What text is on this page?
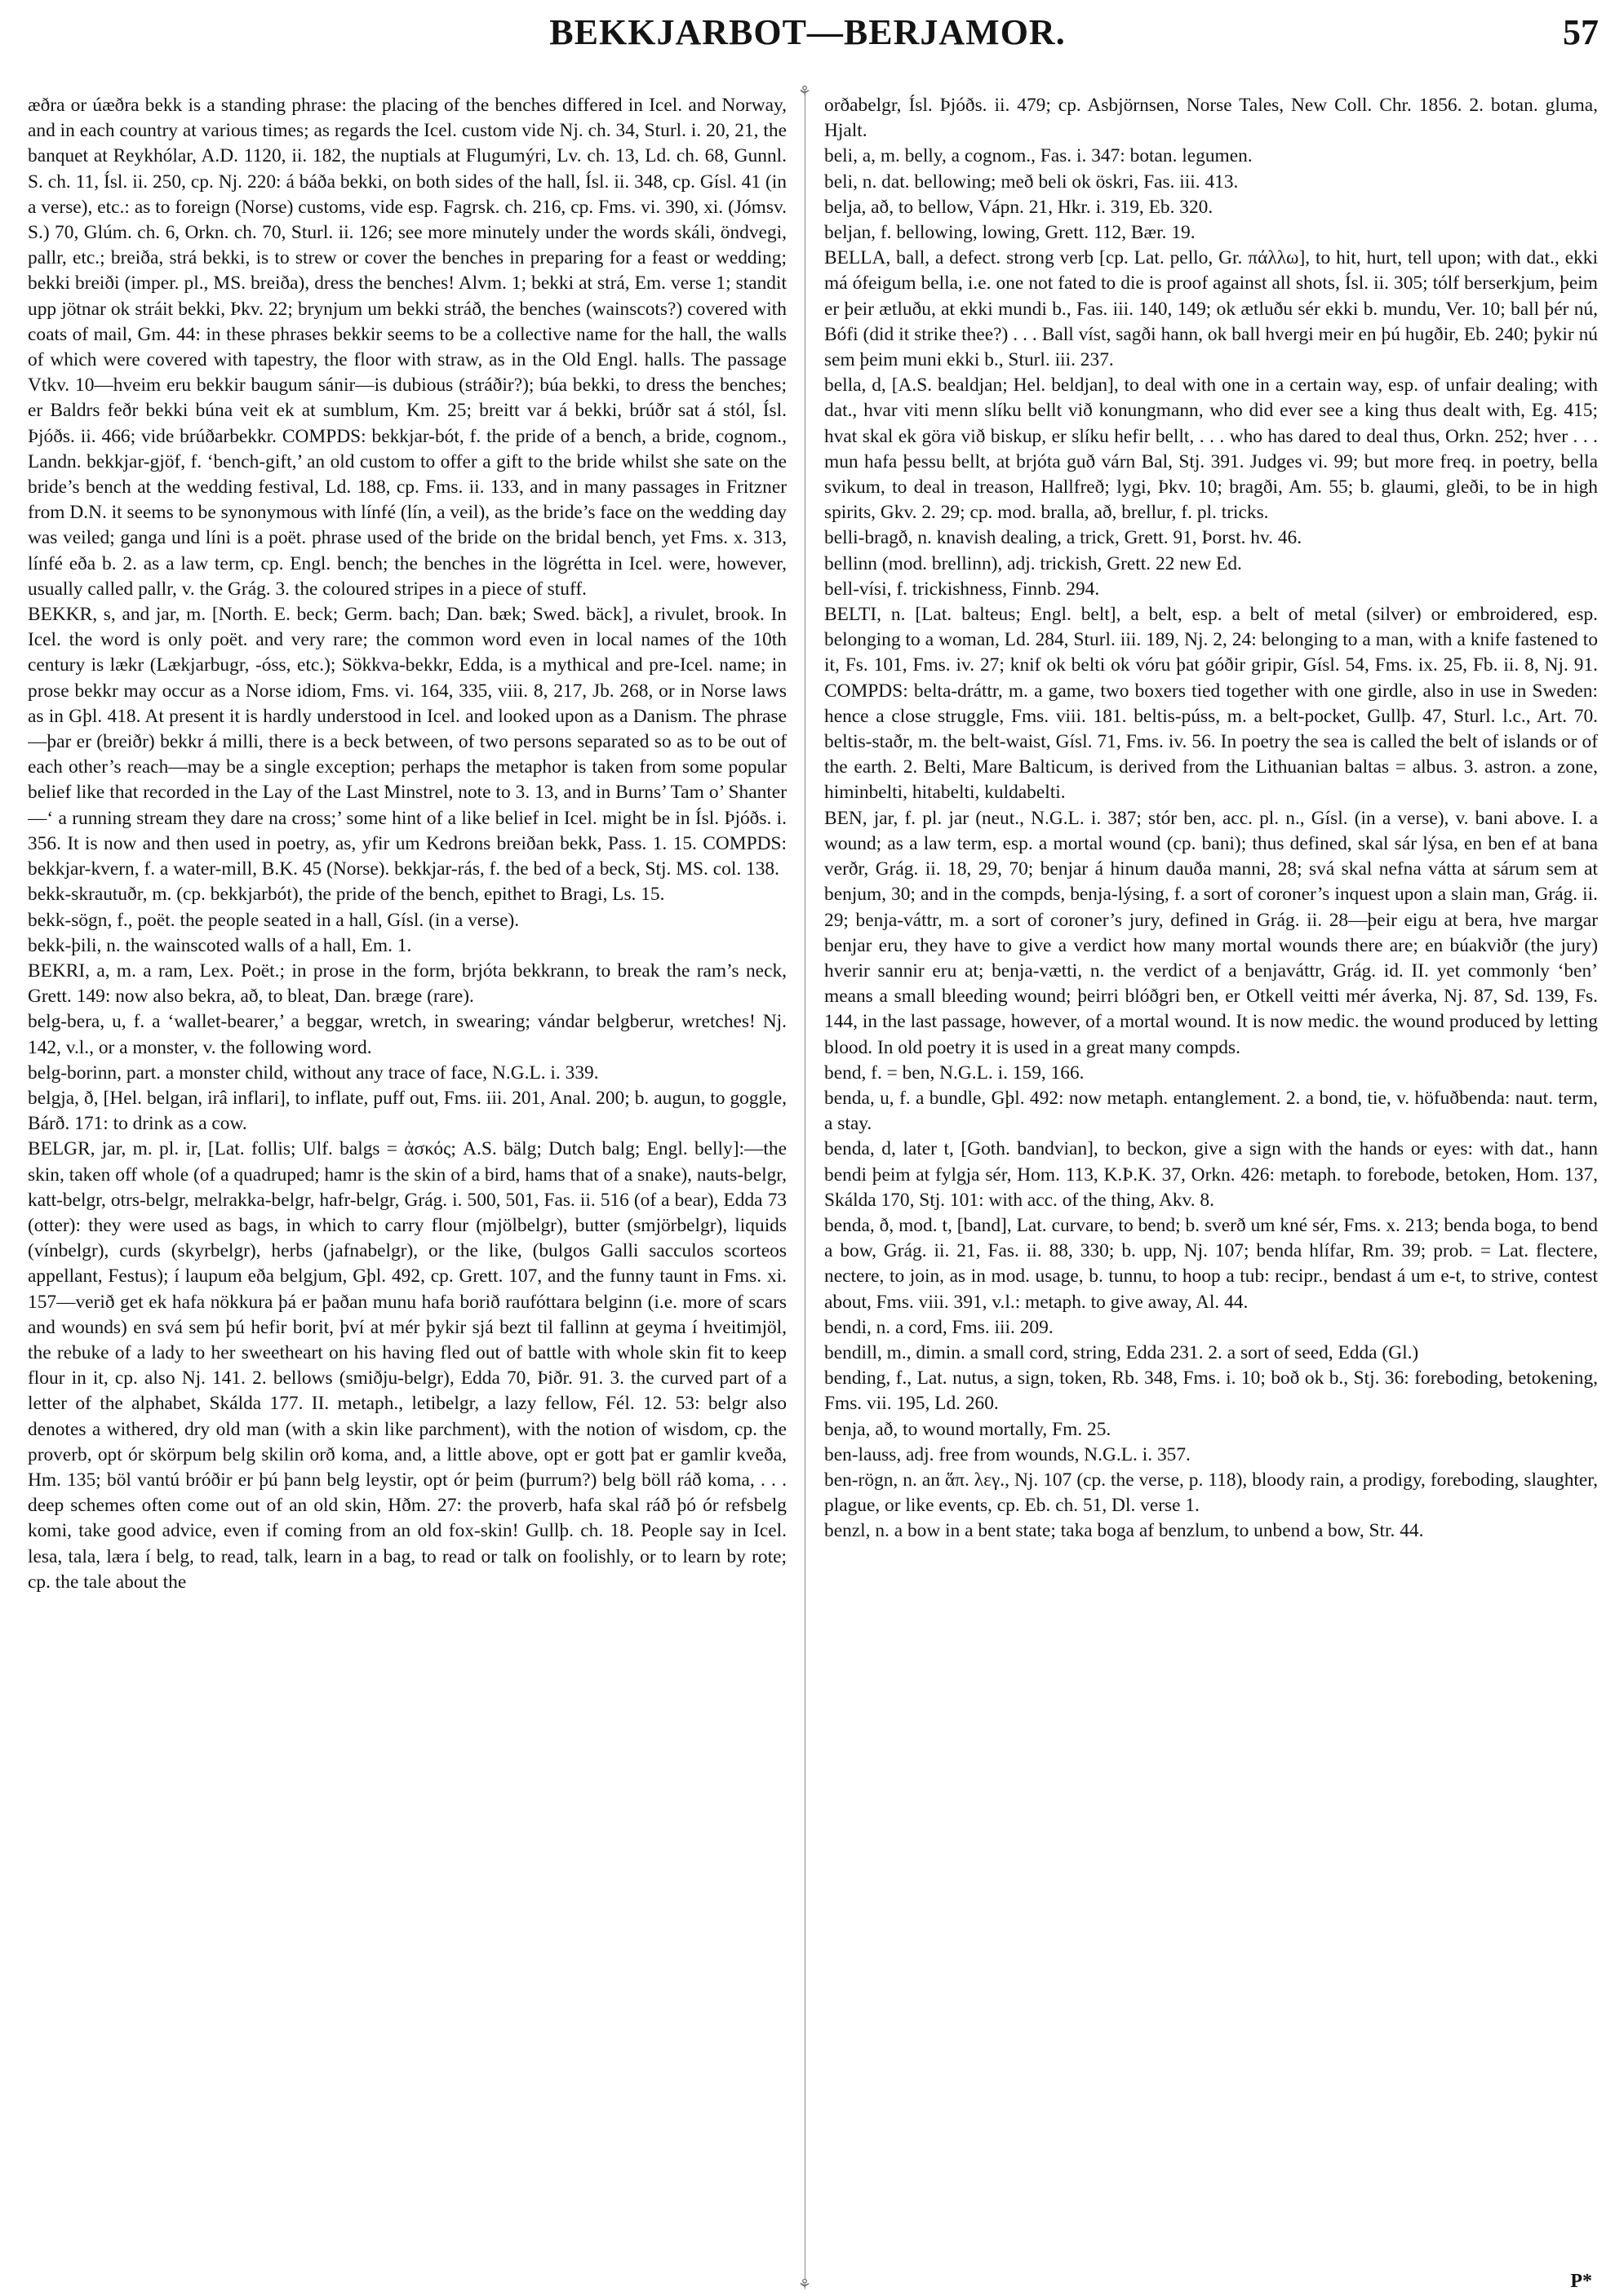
BEKKJARBOT—BERJAMOR.	57
⚘
⚘

æðra or úæðra bekk is a standing phrase: the placing of the benches differed in Icel. and Norway, and in each country at various times; as regards the Icel. custom vide Nj. ch. 34, Sturl. i. 20, 21, the banquet at Reykhólar, A.D. 1120, ii. 182, the nuptials at Flugumýri, Lv. ch. 13, Ld. ch. 68, Gunnl. S. ch. 11, Ísl. ii. 250, cp. Nj. 220: á báða bekki, on both sides of the hall, Ísl. ii. 348, cp. Gísl. 41 (in a verse), etc.: as to foreign (Norse) customs, vide esp. Fagrsk. ch. 216, cp. Fms. vi. 390, xi. (Jómsv. S.) 70, Glúm. ch. 6, Orkn. ch. 70, Sturl. ii. 126; see more minutely under the words skáli, öndvegi, pallr, etc.; breiða, strá bekki, is to strew or cover the benches in preparing for a feast or wedding; bekki breiði (imper. pl., MS. breiða), dress the benches! Alvm. 1; bekki at strá, Em. verse 1; standit upp jötnar ok stráit bekki, Þkv. 22; brynjum um bekki stráð, the benches (wainscots?) covered with coats of mail, Gm. 44: in these phrases bekkir seems to be a collective name for the hall, the walls of which were covered with tapestry, the floor with straw, as in the Old Engl. halls. The passage Vtkv. 10—hveim eru bekkir baugum sánir—is dubious (stráðir?); búa bekki, to dress the benches; er Baldrs feðr bekki búna veit ek at sumblum, Km. 25; breitt var á bekki, brúðr sat á stól, Ísl. Þjóðs. ii. 466; vide brúðarbekkr. COMPDS: bekkjar-bót, f. the pride of a bench, a bride, cognom., Landn. bekkjar-gjöf, f. ‘bench-gift,’ an old custom to offer a gift to the bride whilst she sate on the bride’s bench at the wedding festival, Ld. 188, cp. Fms. ii. 133, and in many passages in Fritzner from D.N. it seems to be synonymous with línfé (lín, a veil), as the bride’s face on the wedding day was veiled; ganga und líni is a poët. phrase used of the bride on the bridal bench, yet Fms. x. 313, línfé eða b. 2. as a law term, cp. Engl. bench; the benches in the lögrétta in Icel. were, however, usually called pallr, v. the Grág. 3. the coloured stripes in a piece of stuff.

BEKKR, s, and jar, m. [North. E. beck; Germ. bach; Dan. bæk; Swed. bäck], a rivulet, brook. In Icel. the word is only poët. and very rare; the common word even in local names of the 10th century is lækr (Lækjarbugr, -óss, etc.); Sökkva-bekkr, Edda, is a mythical and pre-Icel. name; in prose bekkr may occur as a Norse idiom, Fms. vi. 164, 335, viii. 8, 217, Jb. 268, or in Norse laws as in Gþl. 418. At present it is hardly understood in Icel. and looked upon as a Danism. The phrase—þar er (breiðr) bekkr á milli, there is a beck between, of two persons separated so as to be out of each other’s reach—may be a single exception; perhaps the metaphor is taken from some popular belief like that recorded in the Lay of the Last Minstrel, note to 3. 13, and in Burns’ Tam o’ Shanter—‘ a running stream they dare na cross;’ some hint of a like belief in Icel. might be in Ísl. Þjóðs. i. 356. It is now and then used in poetry, as, yfir um Kedrons breiðan bekk, Pass. 1. 15. COMPDS: bekkjar-kvern, f. a water-mill, B.K. 45 (Norse). bekkjar-rás, f. the bed of a beck, Stj. MS. col. 138.

bekk-skrautuðr, m. (cp. bekkjarbót), the pride of the bench, epithet to Bragi, Ls. 15.

bekk-sögn, f., poët. the people seated in a hall, Gísl. (in a verse).

bekk-þili, n. the wainscoted walls of a hall, Em. 1.

BEKRI, a, m. a ram, Lex. Poët.; in prose in the form, brjóta bekkrann, to break the ram’s neck, Grett. 149: now also bekra, að, to bleat, Dan. bræge (rare).

belg-bera, u, f. a ‘wallet-bearer,’ a beggar, wretch, in swearing; vándar belgberur, wretches! Nj. 142, v.l., or a monster, v. the following word.

belg-borinn, part. a monster child, without any trace of face, N.G.L. i. 339.

belgja, ð, [Hel. belgan, irâ inflari], to inflate, puff out, Fms. iii. 201, Anal. 200; b. augun, to goggle, Bárð. 171: to drink as a cow.

BELGR, jar, m. pl. ir, [Lat. follis; Ulf. balgs = ἀσκός; A.S. bälg; Dutch balg; Engl. belly]:—the skin, taken off whole (of a quadruped; hamr is the skin of a bird, hams that of a snake), nauts-belgr, katt-belgr, otrs-belgr, melrakka-belgr, hafr-belgr, Grág. i. 500, 501, Fas. ii. 516 (of a bear), Edda 73 (otter): they were used as bags, in which to carry flour (mjölbelgr), butter (smjörbelgr), liquids (vínbelgr), curds (skyrbelgr), herbs (jafnabelgr), or the like, (bulgos Galli sacculos scorteos appellant, Festus); í laupum eða belgjum, Gþl. 492, cp. Grett. 107, and the funny taunt in Fms. xi. 157—verið get ek hafa nökkura þá er þaðan munu hafa borið raufóttara belginn (i.e. more of scars and wounds) en svá sem þú hefir borit, því at mér þykir sjá bezt til fallinn at geyma í hveitimjöl, the rebuke of a lady to her sweetheart on his having fled out of battle with whole skin fit to keep flour in it, cp. also Nj. 141. 2. bellows (smiðju-belgr), Edda 70, Þiðr. 91. 3. the curved part of a letter of the alphabet, Skálda 177. II. metaph., letibelgr, a lazy fellow, Fél. 12. 53: belgr also denotes a withered, dry old man (with a skin like parchment), with the notion of wisdom, cp. the proverb, opt ór skörpum belg skilin orð koma, and, a little above, opt er gott þat er gamlir kveða, Hm. 135; böl vantú bróðir er þú þann belg leystir, opt ór þeim (þurrum?) belg böll ráð koma, . . . deep schemes often come out of an old skin, Hðm. 27: the proverb, hafa skal ráð þó ór refsbelg komi, take good advice, even if coming from an old fox-skin! Gullþ. ch. 18. People say in Icel. lesa, tala, læra í belg, to read, talk, learn in a bag, to read or talk on foolishly, or to learn by rote; cp. the tale about the

orðabelgr, Ísl. Þjóðs. ii. 479; cp. Asbjörnsen, Norse Tales, New Coll. Chr. 1856. 2. botan. gluma, Hjalt.

beli, a, m. belly, a cognom., Fas. i. 347: botan. legumen.

beli, n. dat. bellowing; með beli ok öskri, Fas. iii. 413.

belja, að, to bellow, Vápn. 21, Hkr. i. 319, Eb. 320.

beljan, f. bellowing, lowing, Grett. 112, Bær. 19.

BELLA, ball, a defect. strong verb [cp. Lat. pello, Gr. πάλλω], to hit, hurt, tell upon; with dat., ekki má ófeigum bella, i.e. one not fated to die is proof against all shots, Ísl. ii. 305; tólf berserkjum, þeim er þeir ætluðu, at ekki mundi b., Fas. iii. 140, 149; ok ætluðu sér ekki b. mundu, Ver. 10; ball þér nú, Bófi (did it strike thee?) . . . Ball víst, sagði hann, ok ball hvergi meir en þú hugðir, Eb. 240; þykir nú sem þeim muni ekki b., Sturl. iii. 237.

bella, d, [A.S. bealdjan; Hel. beldjan], to deal with one in a certain way, esp. of unfair dealing; with dat., hvar viti menn slíku bellt við konungmann, who did ever see a king thus dealt with, Eg. 415; hvat skal ek göra við biskup, er slíku hefir bellt, . . . who has dared to deal thus, Orkn. 252; hver . . . mun hafa þessu bellt, at brjóta guð várn Bal, Stj. 391. Judges vi. 99; but more freq. in poetry, bella svikum, to deal in treason, Hallfreð; lygi, Þkv. 10; bragði, Am. 55; b. glaumi, gleði, to be in high spirits, Gkv. 2. 29; cp. mod. bralla, að, brellur, f. pl. tricks.

belli-bragð, n. knavish dealing, a trick, Grett. 91, Þorst. hv. 46.

bellinn (mod. brellinn), adj. trickish, Grett. 22 new Ed.

bell-vísi, f. trickishness, Finnb. 294.

BELTI, n. [Lat. balteus; Engl. belt], a belt, esp. a belt of metal (silver) or embroidered, esp. belonging to a woman, Ld. 284, Sturl. iii. 189, Nj. 2, 24: belonging to a man, with a knife fastened to it, Fs. 101, Fms. iv. 27; knif ok belti ok vóru þat góðir gripir, Gísl. 54, Fms. ix. 25, Fb. ii. 8, Nj. 91. COMPDS: belta-dráttr, m. a game, two boxers tied together with one girdle, also in use in Sweden: hence a close struggle, Fms. viii. 181. beltis-púss, m. a belt-pocket, Gullþ. 47, Sturl. l.c., Art. 70. beltis-staðr, m. the belt-waist, Gísl. 71, Fms. iv. 56. In poetry the sea is called the belt of islands or of the earth. 2. Belti, Mare Balticum, is derived from the Lithuanian baltas = albus. 3. astron. a zone, himinbelti, hitabelti, kuldabelti.

BEN, jar, f. pl. jar (neut., N.G.L. i. 387; stór ben, acc. pl. n., Gísl. (in a verse), v. bani above. I. a wound; as a law term, esp. a mortal wound (cp. bani); thus defined, skal sár lýsa, en ben ef at bana verðr, Grág. ii. 18, 29, 70; benjar á hinum dauða manni, 28; svá skal nefna vátta at sárum sem at benjum, 30; and in the compds, benja-lýsing, f. a sort of coroner’s inquest upon a slain man, Grág. ii. 29; benja-váttr, m. a sort of coroner’s jury, defined in Grág. ii. 28—þeir eigu at bera, hve margar benjar eru, they have to give a verdict how many mortal wounds there are; en búakviðr (the jury) hverir sannir eru at; benja-vætti, n. the verdict of a benjaváttr, Grág. id. II. yet commonly ‘ben’ means a small bleeding wound; þeirri blóðgri ben, er Otkell veitti mér áverka, Nj. 87, Sd. 139, Fs. 144, in the last passage, however, of a mortal wound. It is now medic. the wound produced by letting blood. In old poetry it is used in a great many compds.

bend, f. = ben, N.G.L. i. 159, 166.

benda, u, f. a bundle, Gþl. 492: now metaph. entanglement. 2. a bond, tie, v. höfuðbenda: naut. term, a stay.

benda, d, later t, [Goth. bandvian], to beckon, give a sign with the hands or eyes: with dat., hann bendi þeim at fylgja sér, Hom. 113, K.Þ.K. 37, Orkn. 426: metaph. to forebode, betoken, Hom. 137, Skálda 170, Stj. 101: with acc. of the thing, Akv. 8.

benda, ð, mod. t, [band], Lat. curvare, to bend; b. sverð um kné sér, Fms. x. 213; benda boga, to bend a bow, Grág. ii. 21, Fas. ii. 88, 330; b. upp, Nj. 107; benda hlífar, Rm. 39; prob. = Lat. flectere, nectere, to join, as in mod. usage, b. tunnu, to hoop a tub: recipr., bendast á um e-t, to strive, contest about, Fms. viii. 391, v.l.: metaph. to give away, Al. 44.

bendi, n. a cord, Fms. iii. 209.

bendill, m., dimin. a small cord, string, Edda 231. 2. a sort of seed, Edda (Gl.)

bending, f., Lat. nutus, a sign, token, Rb. 348, Fms. i. 10; boð ok b., Stj. 36: foreboding, betokening, Fms. vii. 195, Ld. 260.

benja, að, to wound mortally, Fm. 25.

ben-lauss, adj. free from wounds, N.G.L. i. 357.

ben-rögn, n. an ἅπ. λεγ., Nj. 107 (cp. the verse, p. 118), bloody rain, a prodigy, foreboding, slaughter, plague, or like events, cp. Eb. ch. 51, Dl. verse 1.

benzl, n. a bow in a bent state; taka boga af benzlum, to unbend a bow, Str. 44.

P*
